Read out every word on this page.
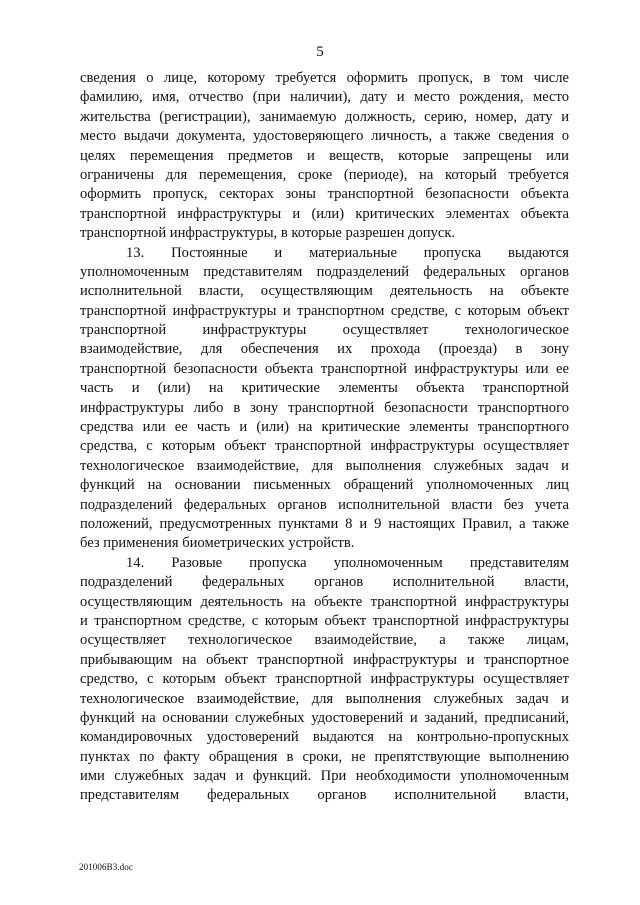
5
сведения о лице, которому требуется оформить пропуск, в том числе
фамилию, имя, отчество (при наличии), дату и место рождения, место
жительства (регистрации), занимаемую должность, серию, номер, дату и
место выдачи документа, удостоверяющего личность, а также сведения о
целях перемещения предметов и веществ, которые запрещены или
ограничены для перемещения, сроке (периоде), на который требуется
оформить пропуск, секторах зоны транспортной безопасности объекта
транспортной инфраструктуры и (или) критических элементах объекта
транспортной инфраструктуры, в которые разрешен допуск.
13. Постоянные и материальные пропуска выдаются
уполномоченным представителям подразделений федеральных органов
исполнительной власти, осуществляющим деятельность на объекте
транспортной инфраструктуры и транспортном средстве, с которым объект
транспортной инфраструктуры осуществляет технологическое
взаимодействие, для обеспечения их прохода (проезда) в зону
транспортной безопасности объекта транспортной инфраструктуры или ее
часть и (или) на критические элементы объекта транспортной
инфраструктуры либо в зону транспортной безопасности транспортного
средства или ее часть и (или) на критические элементы транспортного
средства, с которым объект транспортной инфраструктуры осуществляет
технологическое взаимодействие, для выполнения служебных задач и
функций на основании письменных обращений уполномоченных лиц
подразделений федеральных органов исполнительной власти без учета
положений, предусмотренных пунктами 8 и 9 настоящих Правил, а также
без применения биометрических устройств.
14. Разовые пропуска уполномоченным представителям
подразделений федеральных органов исполнительной власти,
осуществляющим деятельность на объекте транспортной инфраструктуры
и транспортном средстве, с которым объект транспортной инфраструктуры
осуществляет технологическое взаимодействие, а также лицам,
прибывающим на объект транспортной инфраструктуры и транспортное
средство, с которым объект транспортной инфраструктуры осуществляет
технологическое взаимодействие, для выполнения служебных задач и
функций на основании служебных удостоверений и заданий, предписаний,
командировочных удостоверений выдаются на контрольно-пропускных
пунктах по факту обращения в сроки, не препятствующие выполнению
ими служебных задач и функций. При необходимости уполномоченным
представителям федеральных органов исполнительной власти,
201006B3.doc
